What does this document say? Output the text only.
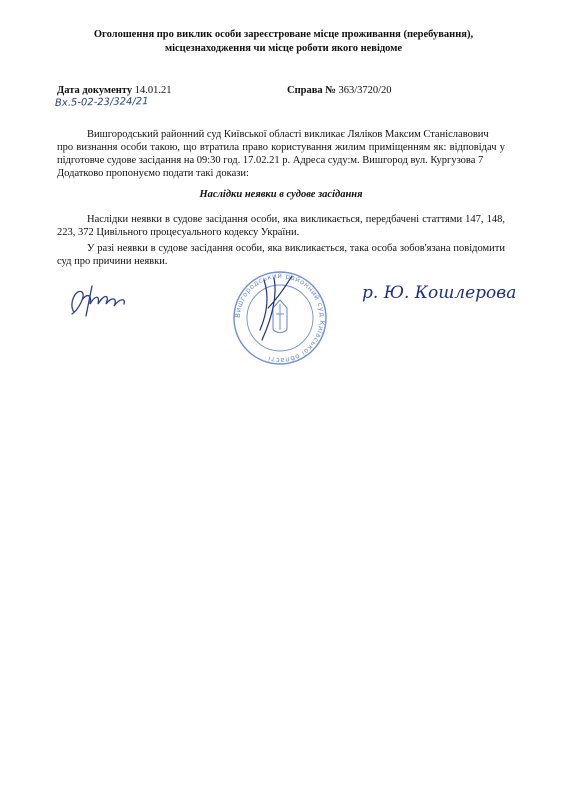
Оголошення про виклик особи зареєстроване місце проживання (перебування),
місцезнаходження чи місце роботи якого невідоме
Дата документу 14.01.21	Справа № 363/3720/20
Вх.5-02-23/324/21
Вишгородський районний суд Київської області викликає Ляліков Максим Станіславович
про визнання особи такою, що втратила право користування жилим приміщенням як: відповідач у підготовче судове засідання на 09:30 год. 17.02.21 р. Адреса суду:м. Вишгород вул. Кургузова 7
Додатково пропонуємо подати такі докази:
Наслідки неявки в судове засідання
Наслідки неявки в судове засідання особи, яка викликається, передбачені статтями 147, 148, 223, 372 Цивільного процесуального кодексу України.
У разі неявки в судове засідання особи, яка викликається, така особа зобов'язана повідомити суд про причини неявки.
Вишгородський районний суд Київської області
р. Ю. Кошлерова
